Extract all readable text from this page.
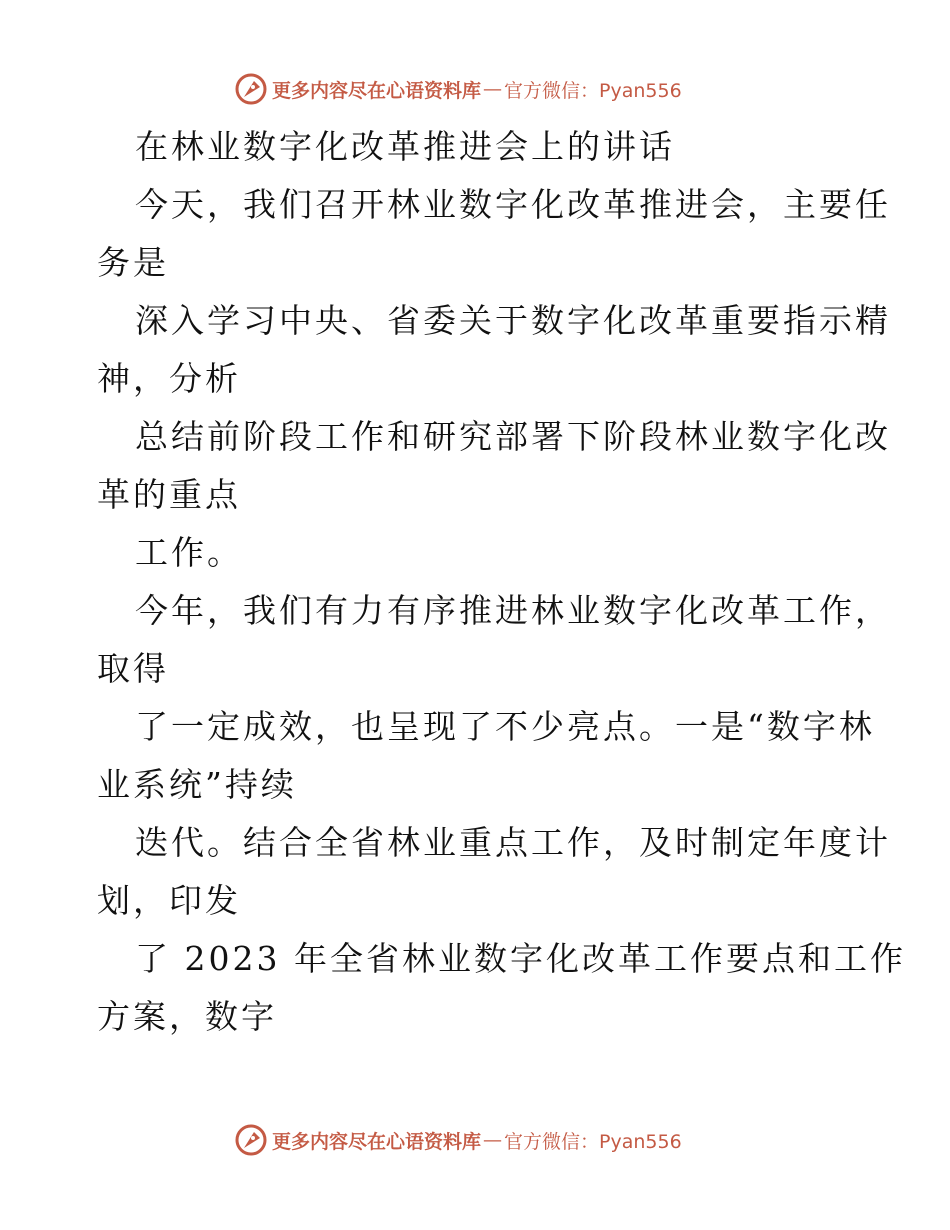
更多内容尽在心语资料库 — 官方微信：Pyan556
在林业数字化改革推进会上的讲话
今天，我们召开林业数字化改革推进会，主要任
务是
深入学习中央、省委关于数字化改革重要指示精
神，分析
总结前阶段工作和研究部署下阶段林业数字化改
革的重点
工作。
今年，我们有力有序推进林业数字化改革工作，
取得
了一定成效，也呈现了不少亮点。一是“数字林
业系统”持续
迭代。结合全省林业重点工作，及时制定年度计
划，印发
了 2023 年全省林业数字化改革工作要点和工作
方案，数字
更多内容尽在心语资料库 — 官方微信：Pyan556
